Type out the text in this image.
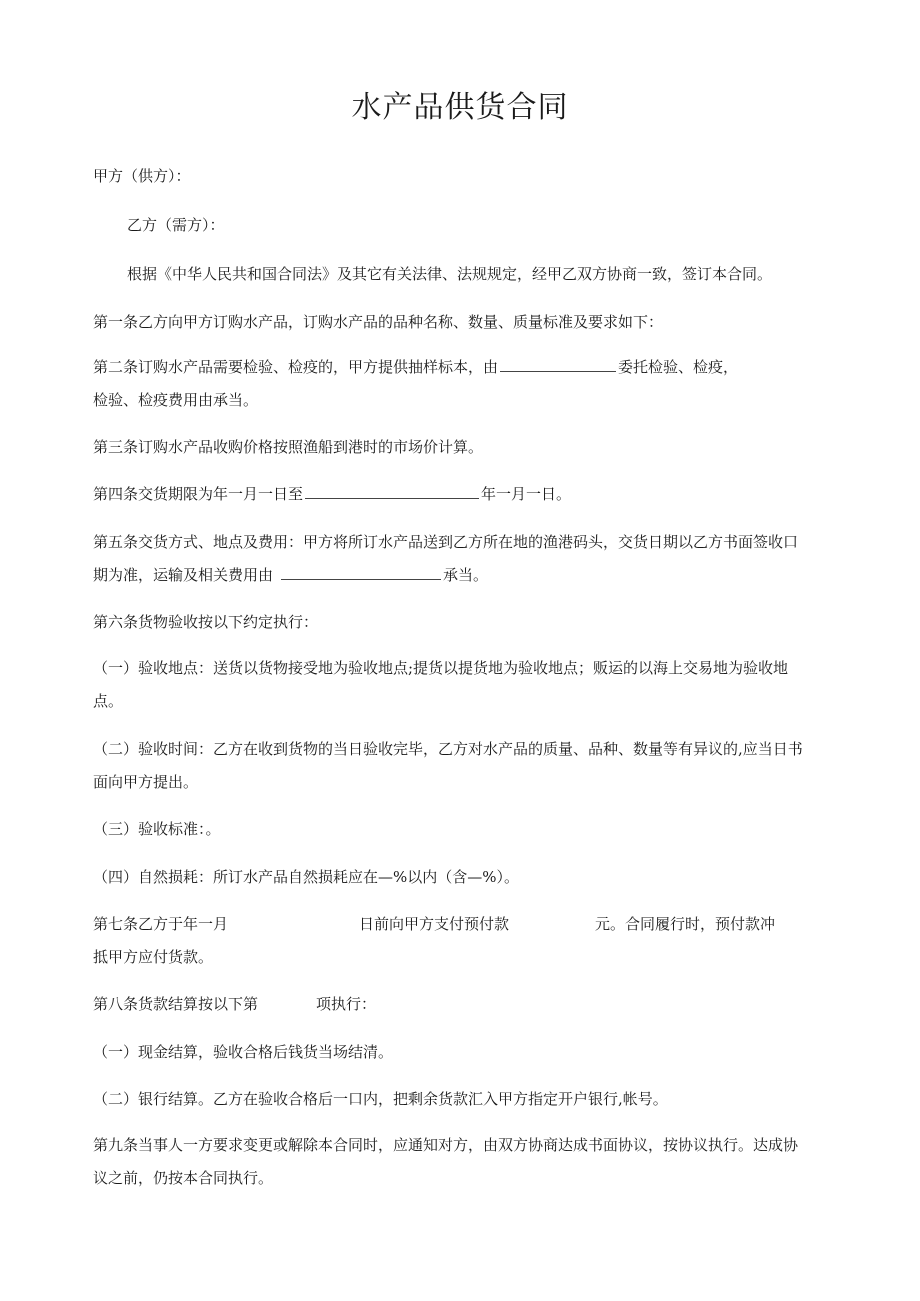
水产品供货合同
甲方（供方）：
乙方（需方）：
根据《中华人民共和国合同法》及其它有关法律、法规规定，经甲乙双方协商一致，签订本合同。
第一条乙方向甲方订购水产品，订购水产品的品种名称、数量、质量标准及要求如下：
第二条订购水产品需要检验、检疫的，甲方提供抽样标本，由	委托检验、检疫，
检验、检疫费用由承当。
第三条订购水产品收购价格按照渔船到港时的市场价计算。
第四条交货期限为年一月一日至	年一月一日。
第五条交货方式、地点及费用：甲方将所订水产品送到乙方所在地的渔港码头，交货日期以乙方书面签收口
期为准，运输及相关费用由	承当。
第六条货物验收按以下约定执行：
（一）验收地点：送货以货物接受地为验收地点;提货以提货地为验收地点；贩运的以海上交易地为验收地
点。
（二）验收时间：乙方在收到货物的当日验收完毕，乙方对水产品的质量、品种、数量等有异议的,应当日书
面向甲方提出。
（三）验收标准：。
（四）自然损耗：所订水产品自然损耗应在—%以内（含—%）。
第七条乙方于年一月	日前向甲方支付预付款	元。合同履行时，预付款冲
抵甲方应付货款。
第八条货款结算按以下第	项执行：
（一）现金结算，验收合格后钱货当场结清。
（二）银行结算。乙方在验收合格后一口内，把剩余货款汇入甲方指定开户银行,帐号。
第九条当事人一方要求变更或解除本合同时，应通知对方，由双方协商达成书面协议，按协议执行。达成协
议之前，仍按本合同执行。
